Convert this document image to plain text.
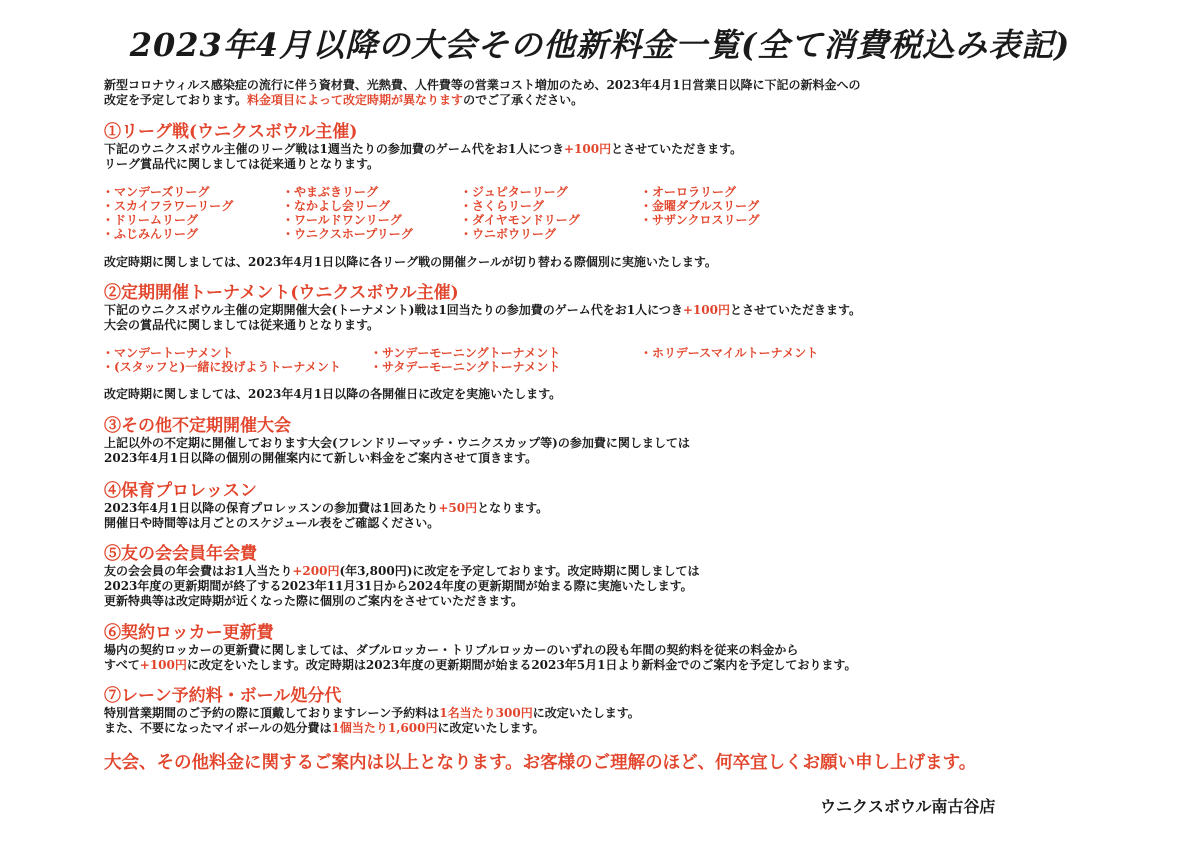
2023年4月以降の大会その他新料金一覧(全て消費税込み表記)

新型コロナウィルス感染症の流行に伴う資材費、光熱費、人件費等の営業コスト増加のため、2023年4月1日営業日以降に下記の新料金への

改定を予定しております。料金項目によって改定時期が異なりますのでご了承ください。

①リーグ戦(ウニクスボウル主催)

下記のウニクスボウル主催のリーグ戦は1週当たりの参加費のゲーム代をお1人につき+100円とさせていただきます。

リーグ賞品代に関しましては従来通りとなります。

・マンデーズリーグ
・スカイフラワーリーグ
・ドリームリーグ
・ふじみんリーグ
・やまぶきリーグ
・なかよし会リーグ
・ワールドワンリーグ
・ウニクスホープリーグ
・ジュピターリーグ
・さくらリーグ
・ダイヤモンドリーグ
・ウニボウリーグ
・オーロラリーグ
・金曜ダブルスリーグ
・サザンクロスリーグ

改定時期に関しましては、2023年4月1日以降に各リーグ戦の開催クールが切り替わる際個別に実施いたします。

②定期開催トーナメント(ウニクスボウル主催)

下記のウニクスボウル主催の定期開催大会(トーナメント)戦は1回当たりの参加費のゲーム代をお1人につき+100円とさせていただきます。

大会の賞品代に関しましては従来通りとなります。

・マンデートーナメント
・(スタッフと)一緒に投げようトーナメント
・サンデーモーニングトーナメント
・サタデーモーニングトーナメント
・ホリデースマイルトーナメント

改定時期に関しましては、2023年4月1日以降の各開催日に改定を実施いたします。

③その他不定期開催大会

上記以外の不定期に開催しております大会(フレンドリーマッチ・ウニクスカップ等)の参加費に関しましては

2023年4月1日以降の個別の開催案内にて新しい料金をご案内させて頂きます。

④保育プロレッスン

2023年4月1日以降の保育プロレッスンの参加費は1回あたり+50円となります。

開催日や時間等は月ごとのスケジュール表をご確認ください。

⑤友の会会員年会費

友の会会員の年会費はお1人当たり+200円(年3,800円)に改定を予定しております。改定時期に関しましては

2023年度の更新期間が終了する2023年11月31日から2024年度の更新期間が始まる際に実施いたします。

更新特典等は改定時期が近くなった際に個別のご案内をさせていただきます。

⑥契約ロッカー更新費

場内の契約ロッカーの更新費に関しましては、ダブルロッカー・トリプルロッカーのいずれの段も年間の契約料を従来の料金から

すべて+100円に改定をいたします。改定時期は2023年度の更新期間が始まる2023年5月1日より新料金でのご案内を予定しております。

⑦レーン予約料・ボール処分代

特別営業期間のご予約の際に頂戴しておりますレーン予約料は1名当たり300円に改定いたします。

また、不要になったマイボールの処分費は1個当たり1,600円に改定いたします。

大会、その他料金に関するご案内は以上となります。お客様のご理解のほど、何卒宜しくお願い申し上げます。

ウニクスボウル南古谷店
